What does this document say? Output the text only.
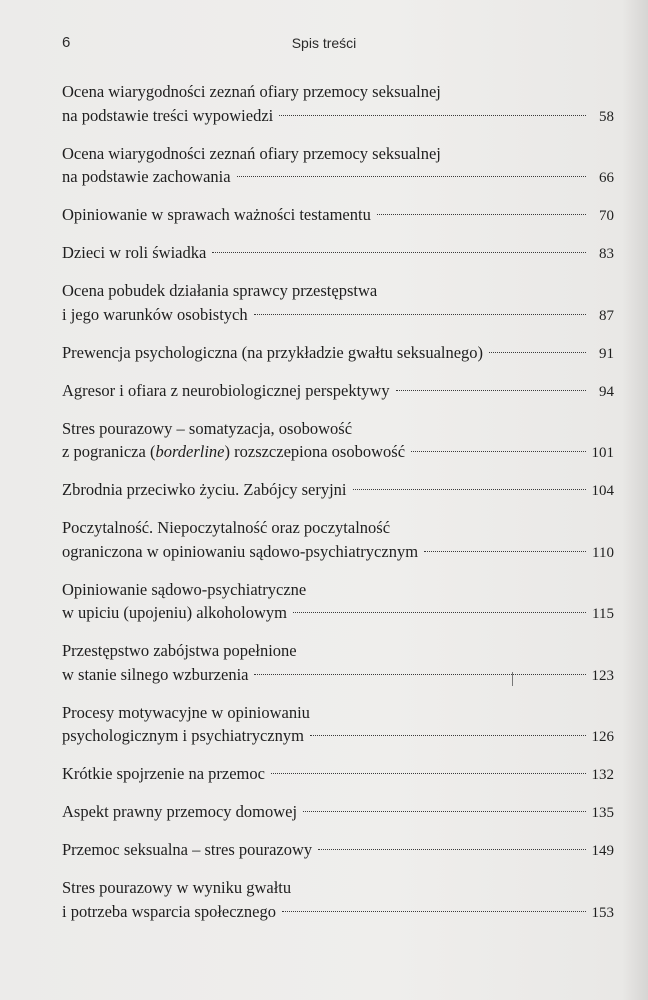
6	Spis treści
Ocena wiarygodności zeznań ofiary przemocy seksualnej
na podstawie treści wypowiedzi	58
Ocena wiarygodności zeznań ofiary przemocy seksualnej
na podstawie zachowania	66
Opiniowanie w sprawach ważności testamentu	70
Dzieci w roli świadka	83
Ocena pobudek działania sprawcy przestępstwa
i jego warunków osobistych	87
Prewencja psychologiczna (na przykładzie gwałtu seksualnego)	91
Agresor i ofiara z neurobiologicznej perspektywy	94
Stres pourazowy – somatyzacja, osobowość
z pogranicza (borderline) rozszczepiona osobowość	101
Zbrodnia przeciwko życiu. Zabójcy seryjni	104
Poczytalność. Niepoczytalność oraz poczytalność
ograniczona w opiniowaniu sądowo-psychiatrycznym	110
Opiniowanie sądowo-psychiatryczne
w upiciu (upojeniu) alkoholowym	115
Przestępstwo zabójstwa popełnione
w stanie silnego wzburzenia	123
Procesy motywacyjne w opiniowaniu
psychologicznym i psychiatrycznym	126
Krótkie spojrzenie na przemoc	132
Aspekt prawny przemocy domowej	135
Przemoc seksualna – stres pourazowy	149
Stres pourazowy w wyniku gwałtu
i potrzeba wsparcia społecznego	153
